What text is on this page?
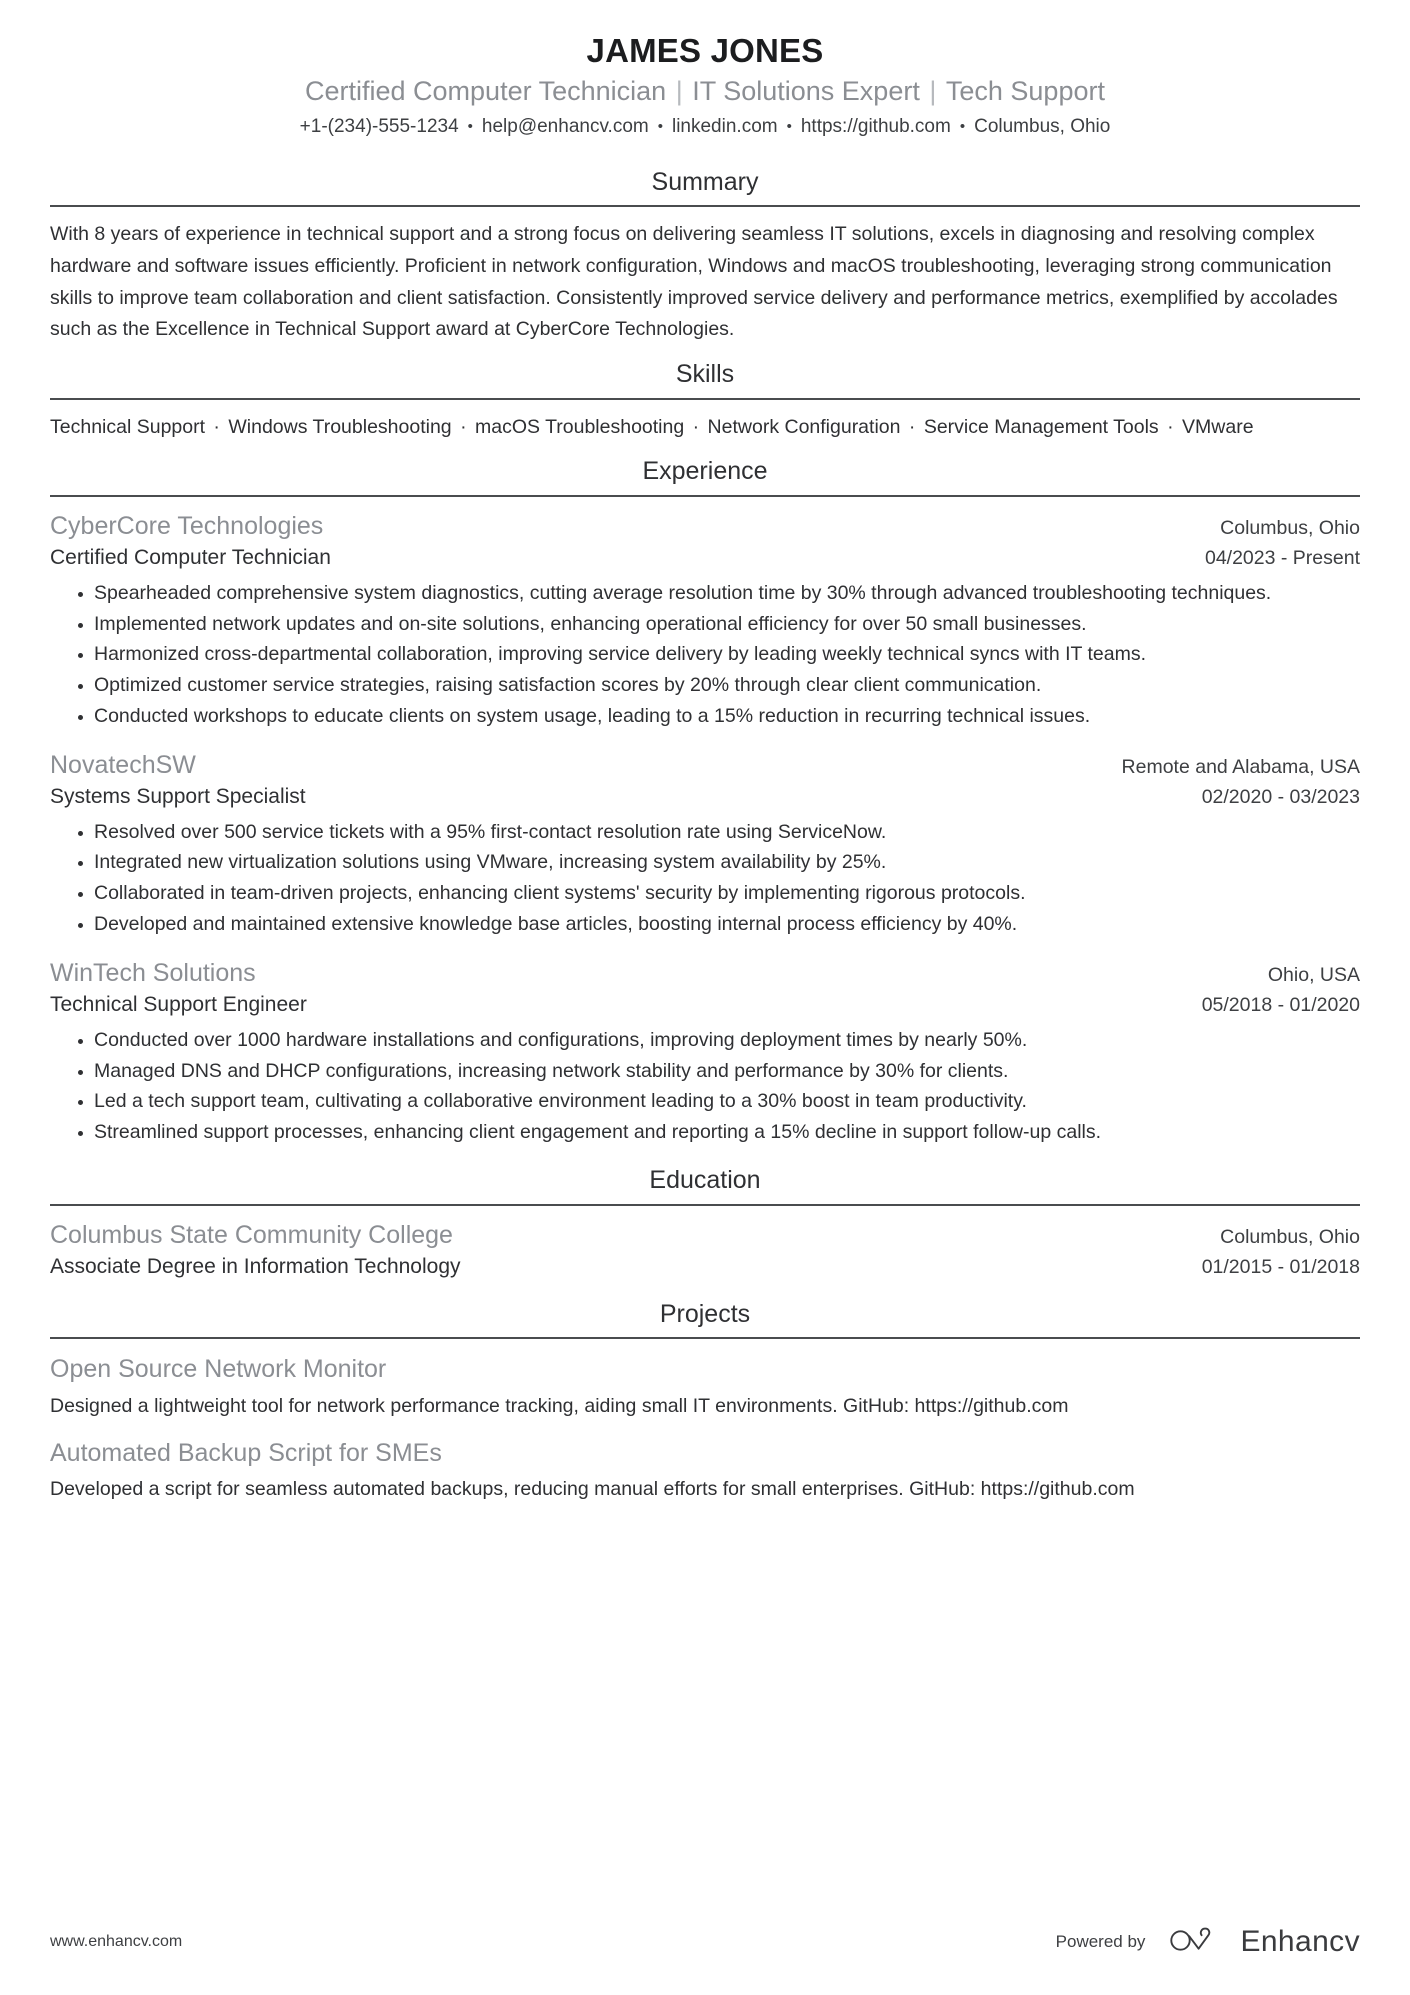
JAMES JONES
Certified Computer Technician | IT Solutions Expert | Tech Support
+1-(234)-555-1234 • help@enhancv.com • linkedin.com • https://github.com • Columbus, Ohio
Summary
With 8 years of experience in technical support and a strong focus on delivering seamless IT solutions, excels in diagnosing and resolving complex hardware and software issues efficiently. Proficient in network configuration, Windows and macOS troubleshooting, leveraging strong communication skills to improve team collaboration and client satisfaction. Consistently improved service delivery and performance metrics, exemplified by accolades such as the Excellence in Technical Support award at CyberCore Technologies.
Skills
Technical Support · Windows Troubleshooting · macOS Troubleshooting · Network Configuration · Service Management Tools · VMware
Experience
CyberCore Technologies	Columbus, Ohio
Certified Computer Technician	04/2023 - Present
Spearheaded comprehensive system diagnostics, cutting average resolution time by 30% through advanced troubleshooting techniques.
Implemented network updates and on-site solutions, enhancing operational efficiency for over 50 small businesses.
Harmonized cross-departmental collaboration, improving service delivery by leading weekly technical syncs with IT teams.
Optimized customer service strategies, raising satisfaction scores by 20% through clear client communication.
Conducted workshops to educate clients on system usage, leading to a 15% reduction in recurring technical issues.
NovatechSW	Remote and Alabama, USA
Systems Support Specialist	02/2020 - 03/2023
Resolved over 500 service tickets with a 95% first-contact resolution rate using ServiceNow.
Integrated new virtualization solutions using VMware, increasing system availability by 25%.
Collaborated in team-driven projects, enhancing client systems' security by implementing rigorous protocols.
Developed and maintained extensive knowledge base articles, boosting internal process efficiency by 40%.
WinTech Solutions	Ohio, USA
Technical Support Engineer	05/2018 - 01/2020
Conducted over 1000 hardware installations and configurations, improving deployment times by nearly 50%.
Managed DNS and DHCP configurations, increasing network stability and performance by 30% for clients.
Led a tech support team, cultivating a collaborative environment leading to a 30% boost in team productivity.
Streamlined support processes, enhancing client engagement and reporting a 15% decline in support follow-up calls.
Education
Columbus State Community College	Columbus, Ohio
Associate Degree in Information Technology	01/2015 - 01/2018
Projects
Open Source Network Monitor
Designed a lightweight tool for network performance tracking, aiding small IT environments. GitHub: https://github.com
Automated Backup Script for SMEs
Developed a script for seamless automated backups, reducing manual efforts for small enterprises. GitHub: https://github.com
www.enhancv.com	Powered by	Enhancv
